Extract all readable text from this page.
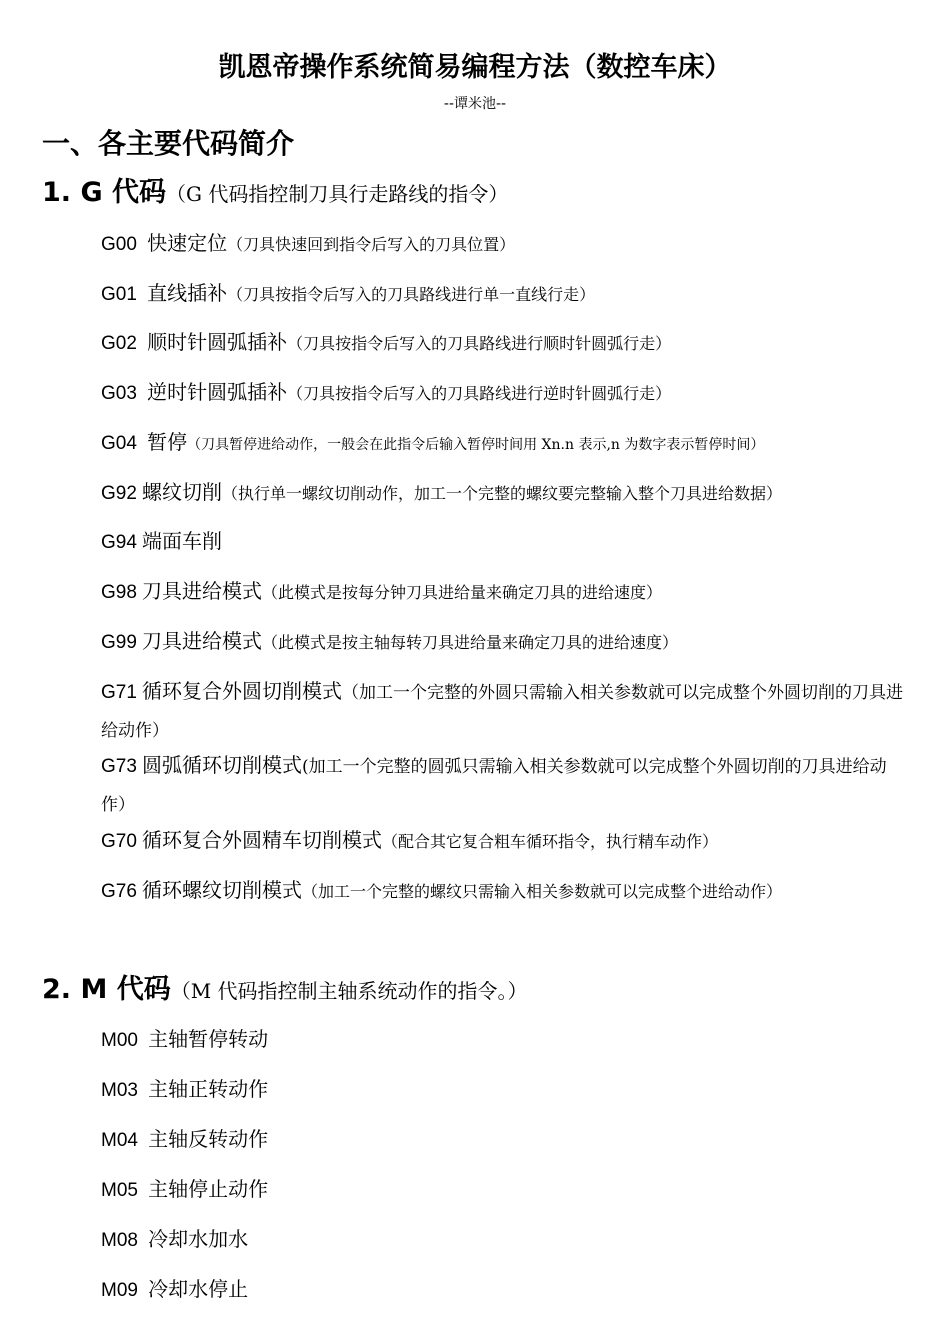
凯恩帝操作系统简易编程方法（数控车床）
--谭米池--
一、各主要代码简介
1. G 代码（G 代码指控制刀具行走路线的指令）

G00 快速定位（刀具快速回到指令后写入的刀具位置）

G01 直线插补（刀具按指令后写入的刀具路线进行单一直线行走）

G02 顺时针圆弧插补（刀具按指令后写入的刀具路线进行顺时针圆弧行走）

G03 逆时针圆弧插补（刀具按指令后写入的刀具路线进行逆时针圆弧行走）

G04 暂停（刀具暂停进给动作，一般会在此指令后输入暂停时间用 Xn.n 表示,n 为数字表示暂停时间）

G92 螺纹切削（执行单一螺纹切削动作，加工一个完整的螺纹要完整输入整个刀具进给数据）

G94 端面车削

G98 刀具进给模式（此模式是按每分钟刀具进给量来确定刀具的进给速度）

G99 刀具进给模式（此模式是按主轴每转刀具进给量来确定刀具的进给速度）

G71 循环复合外圆切削模式（加工一个完整的外圆只需输入相关参数就可以完成整个外圆切削的刀具进给动作）

G73 圆弧循环切削模式(加工一个完整的圆弧只需输入相关参数就可以完成整个外圆切削的刀具进给动作）

G70 循环复合外圆精车切削模式（配合其它复合粗车循环指令，执行精车动作）

G76 循环螺纹切削模式（加工一个完整的螺纹只需输入相关参数就可以完成整个进给动作）

2. M 代码（M 代码指控制主轴系统动作的指令。）

M00 主轴暂停转动

M03 主轴正转动作

M04 主轴反转动作

M05 主轴停止动作

M08 冷却水加水

M09 冷却水停止
